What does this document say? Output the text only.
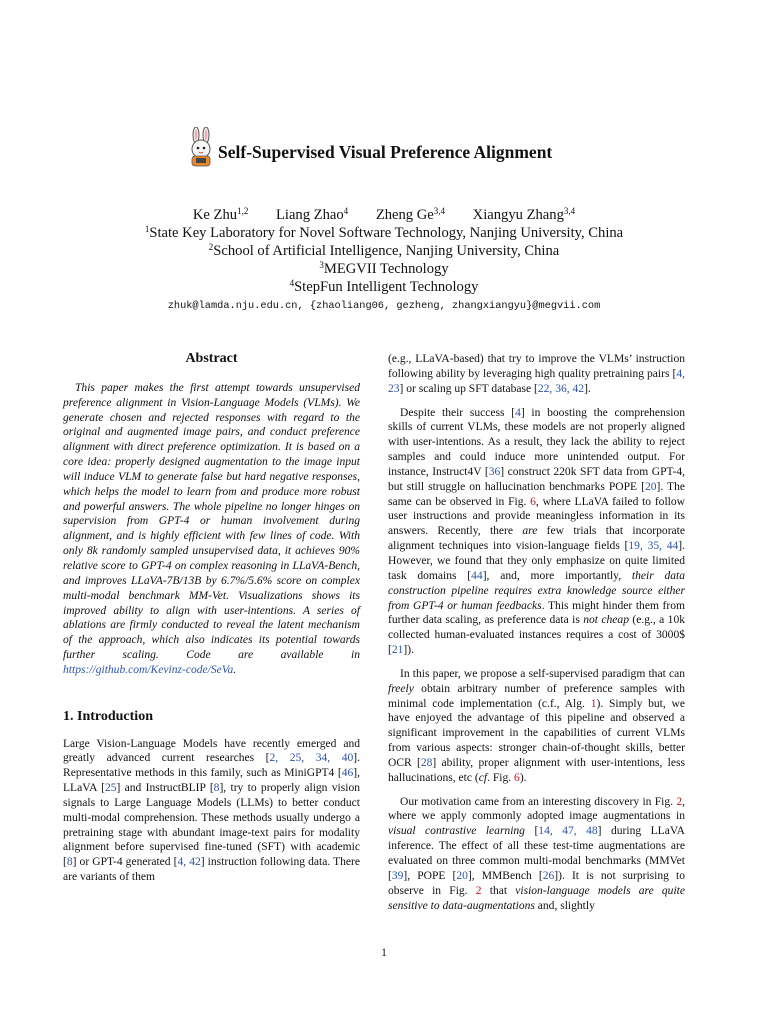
Self-Supervised Visual Preference Alignment
Ke Zhu$^{1,2}$ Liang Zhao$^4$ Zheng Ge$^{3,4}$ Xiangyu Zhang$^{3,4}$
$^1$State Key Laboratory for Novel Software Technology, Nanjing University, China
$^2$School of Artificial Intelligence, Nanjing University, China
$^3$MEGVII Technology
$^4$StepFun Intelligent Technology
zhuk@lamda.nju.edu.cn, {zhaoliang06, gezheng, zhangxiangyu}@megvii.com
Abstract
This paper makes the first attempt towards unsupervised preference alignment in Vision-Language Models (VLMs). We generate chosen and rejected responses with regard to the original and augmented image pairs, and conduct preference alignment with direct preference optimization. It is based on a core idea: properly designed augmentation to the image input will induce VLM to generate false but hard negative responses, which helps the model to learn from and produce more robust and powerful answers. The whole pipeline no longer hinges on supervision from GPT-4 or human involvement during alignment, and is highly efficient with few lines of code. With only 8k randomly sampled unsupervised data, it achieves 90% relative score to GPT-4 on complex reasoning in LLaVA-Bench, and improves LLaVA-7B/13B by 6.7%/5.6% score on complex multi-modal benchmark MM-Vet. Visualizations shows its improved ability to align with user-intentions. A series of ablations are firmly conducted to reveal the latent mechanism of the approach, which also indicates its potential towards further scaling. Code are available in https://github.com/Kevinz-code/SeVa.
1. Introduction

Large Vision-Language Models have recently emerged and greatly advanced current researches [2, 25, 34, 40]. Representative methods in this family, such as MiniGPT4 [46], LLaVA [25] and InstructBLIP [8], try to properly align vision signals to Large Language Models (LLMs) to better conduct multi-modal comprehension. These methods usually undergo a pretraining stage with abundant image-text pairs for modality alignment before supervised fine-tuned (SFT) with academic [8] or GPT-4 generated [4, 42] instruction following data. There are variants of them

(e.g., LLaVA-based) that try to improve the VLMs’ instruction following ability by leveraging high quality pretraining pairs [4, 23] or scaling up SFT database [22, 36, 42].

Despite their success [4] in boosting the comprehension skills of current VLMs, these models are not properly aligned with user-intentions. As a result, they lack the ability to reject samples and could induce more unintended output. For instance, Instruct4V [36] construct 220k SFT data from GPT-4, but still struggle on hallucination benchmarks POPE [20]. The same can be observed in Fig. 6, where LLaVA failed to follow user instructions and provide meaningless information in its answers. Recently, there are few trials that incorporate alignment techniques into vision-language fields [19, 35, 44]. However, we found that they only emphasize on quite limited task domains [44], and, more importantly, their data construction pipeline requires extra knowledge source either from GPT-4 or human feedbacks. This might hinder them from further data scaling, as preference data is not cheap (e.g., a 10k collected human-evaluated instances requires a cost of 3000$ [21]).

In this paper, we propose a self-supervised paradigm that can freely obtain arbitrary number of preference samples with minimal code implementation (c.f., Alg. 1). Simply but, we have enjoyed the advantage of this pipeline and observed a significant improvement in the capabilities of current VLMs from various aspects: stronger chain-of-thought skills, better OCR [28] ability, proper alignment with user-intentions, less hallucinations, etc (cf. Fig. 6).

Our motivation came from an interesting discovery in Fig. 2, where we apply commonly adopted image augmentations in visual contrastive learning [14, 47, 48] during LLaVA inference. The effect of all these test-time augmentations are evaluated on three common multi-modal benchmarks (MMVet [39], POPE [20], MMBench [26]). It is not surprising to observe in Fig. 2 that vision-language models are quite sensitive to data-augmentations and, slightly

1
